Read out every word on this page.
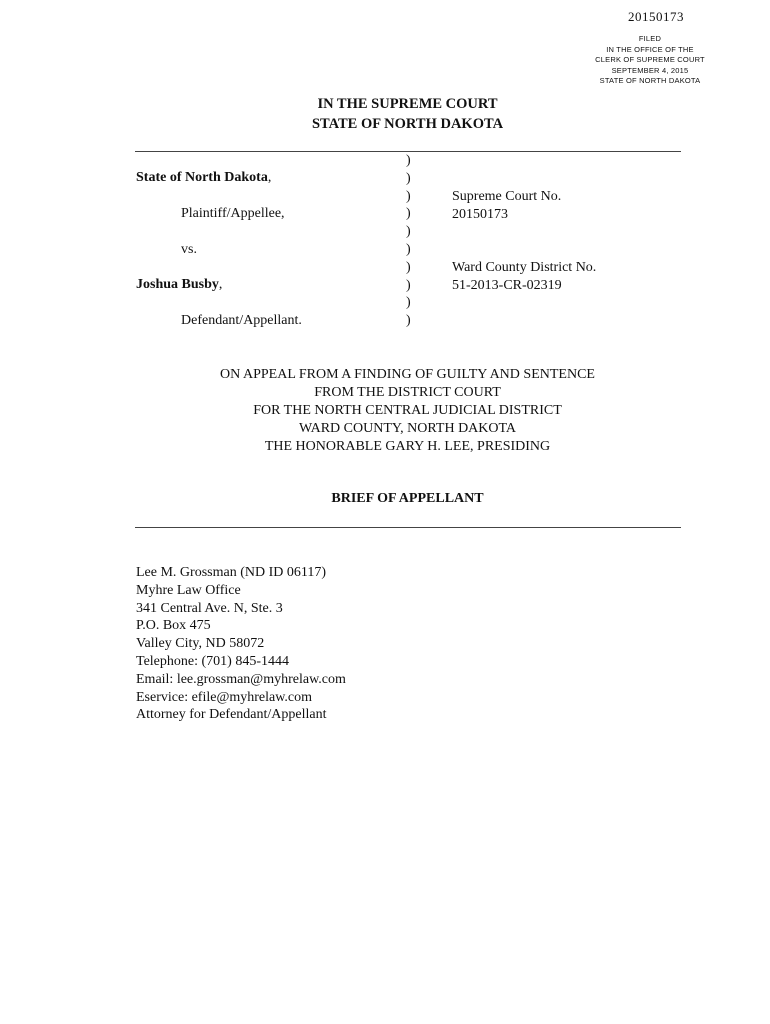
20150173
FILED
IN THE OFFICE OF THE
CLERK OF SUPREME COURT
SEPTEMBER 4, 2015
STATE OF NORTH DAKOTA
IN THE SUPREME COURT
STATE OF NORTH DAKOTA
)
)
)
)
)
)
)
)
)
)
State of North Dakota,
Plaintiff/Appellee,
vs.
Joshua Busby,
Defendant/Appellant.
Supreme Court No.
20150173
Ward County District No.
51-2013-CR-02319
ON APPEAL FROM A FINDING OF GUILTY AND SENTENCE
FROM THE DISTRICT COURT
FOR THE NORTH CENTRAL JUDICIAL DISTRICT
WARD COUNTY, NORTH DAKOTA
THE HONORABLE GARY H. LEE, PRESIDING
BRIEF OF APPELLANT
Lee M. Grossman (ND ID 06117)
Myhre Law Office
341 Central Ave. N, Ste. 3
P.O. Box 475
Valley City, ND 58072
Telephone: (701) 845-1444
Email: lee.grossman@myhrelaw.com
Eservice: efile@myhrelaw.com
Attorney for Defendant/Appellant
